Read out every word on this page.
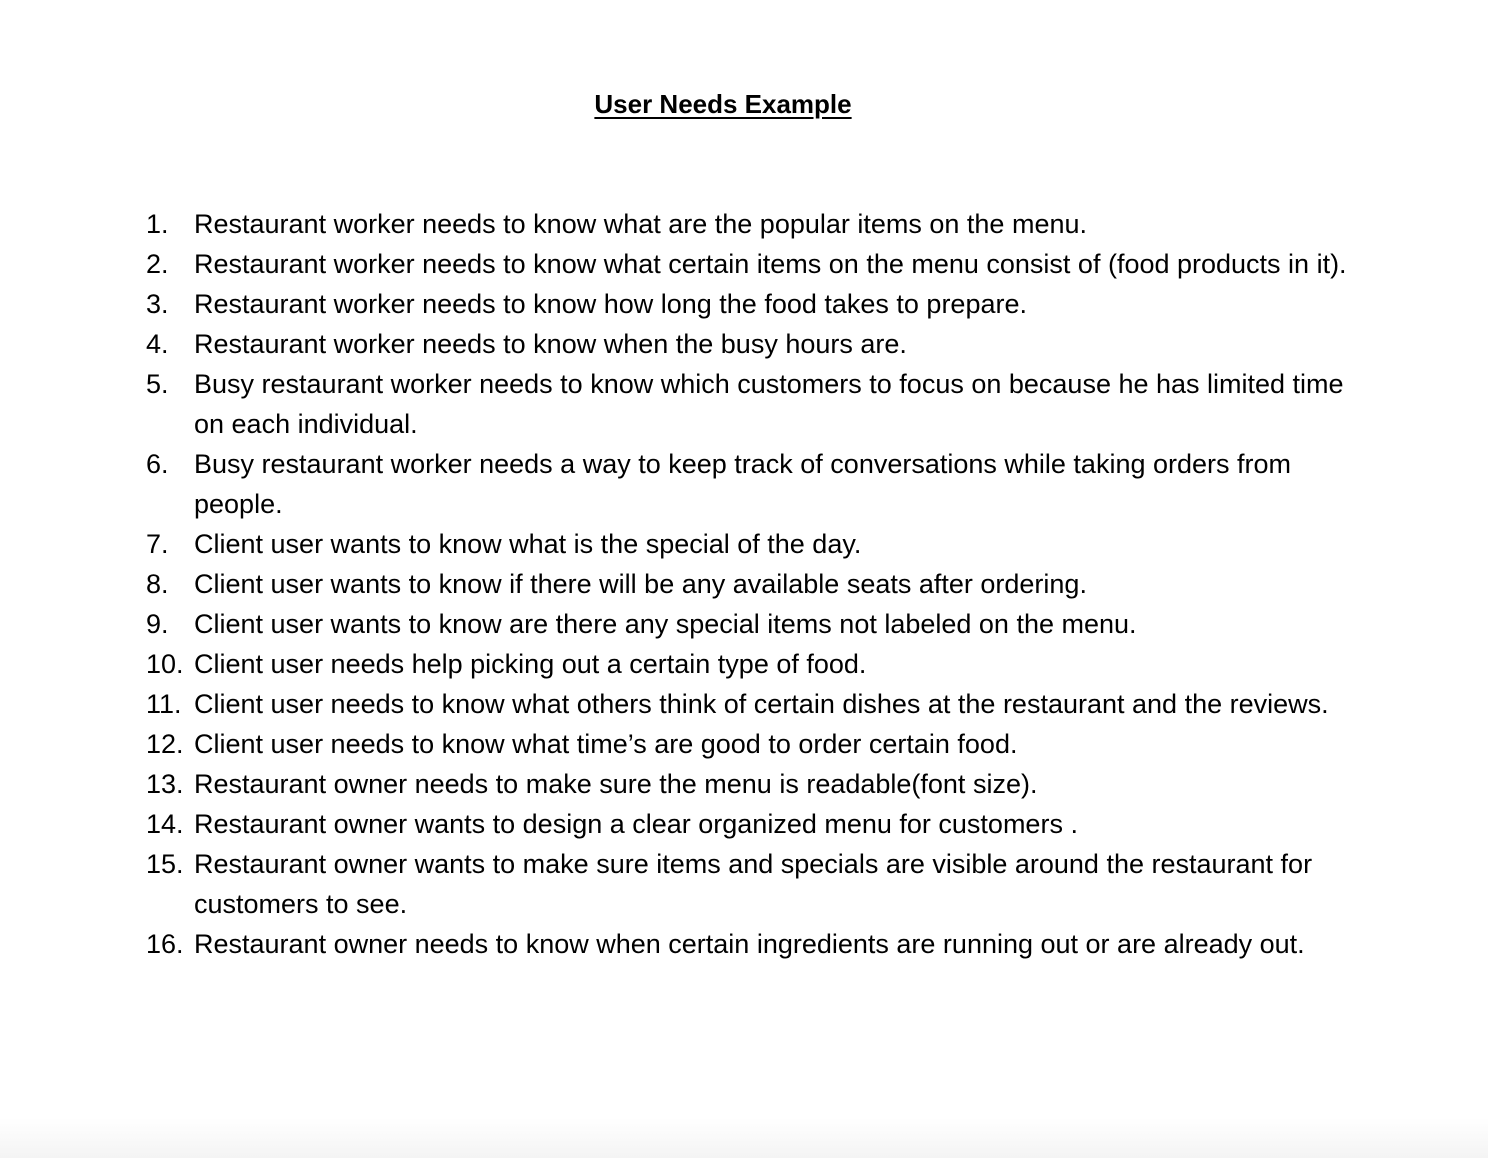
User Needs Example
1. Restaurant worker needs to know what are the popular items on the menu.
2. Restaurant worker needs to know what certain items on the menu consist of (food products in it).
3. Restaurant worker needs to know how long the food takes to prepare.
4. Restaurant worker needs to know when the busy hours are.
5. Busy restaurant worker needs to know which customers to focus on because he has limited time on each individual.
6. Busy restaurant worker needs a way to keep track of conversations while taking orders from people.
7. Client user wants to know what is the special of the day.
8. Client user wants to know if there will be any available seats after ordering.
9. Client user wants to know are there any special items not labeled on the menu.
10. Client user needs help picking out a certain type of food.
11. Client user needs to know what others think of certain dishes at the restaurant and the reviews.
12. Client user needs to know what time’s are good to order certain food.
13. Restaurant owner needs to make sure the menu is readable(font size).
14. Restaurant owner wants to design a clear organized menu for customers .
15. Restaurant owner wants to make sure items and specials are visible around the restaurant for customers to see.
16. Restaurant owner needs to know when certain ingredients are running out or are already out.
